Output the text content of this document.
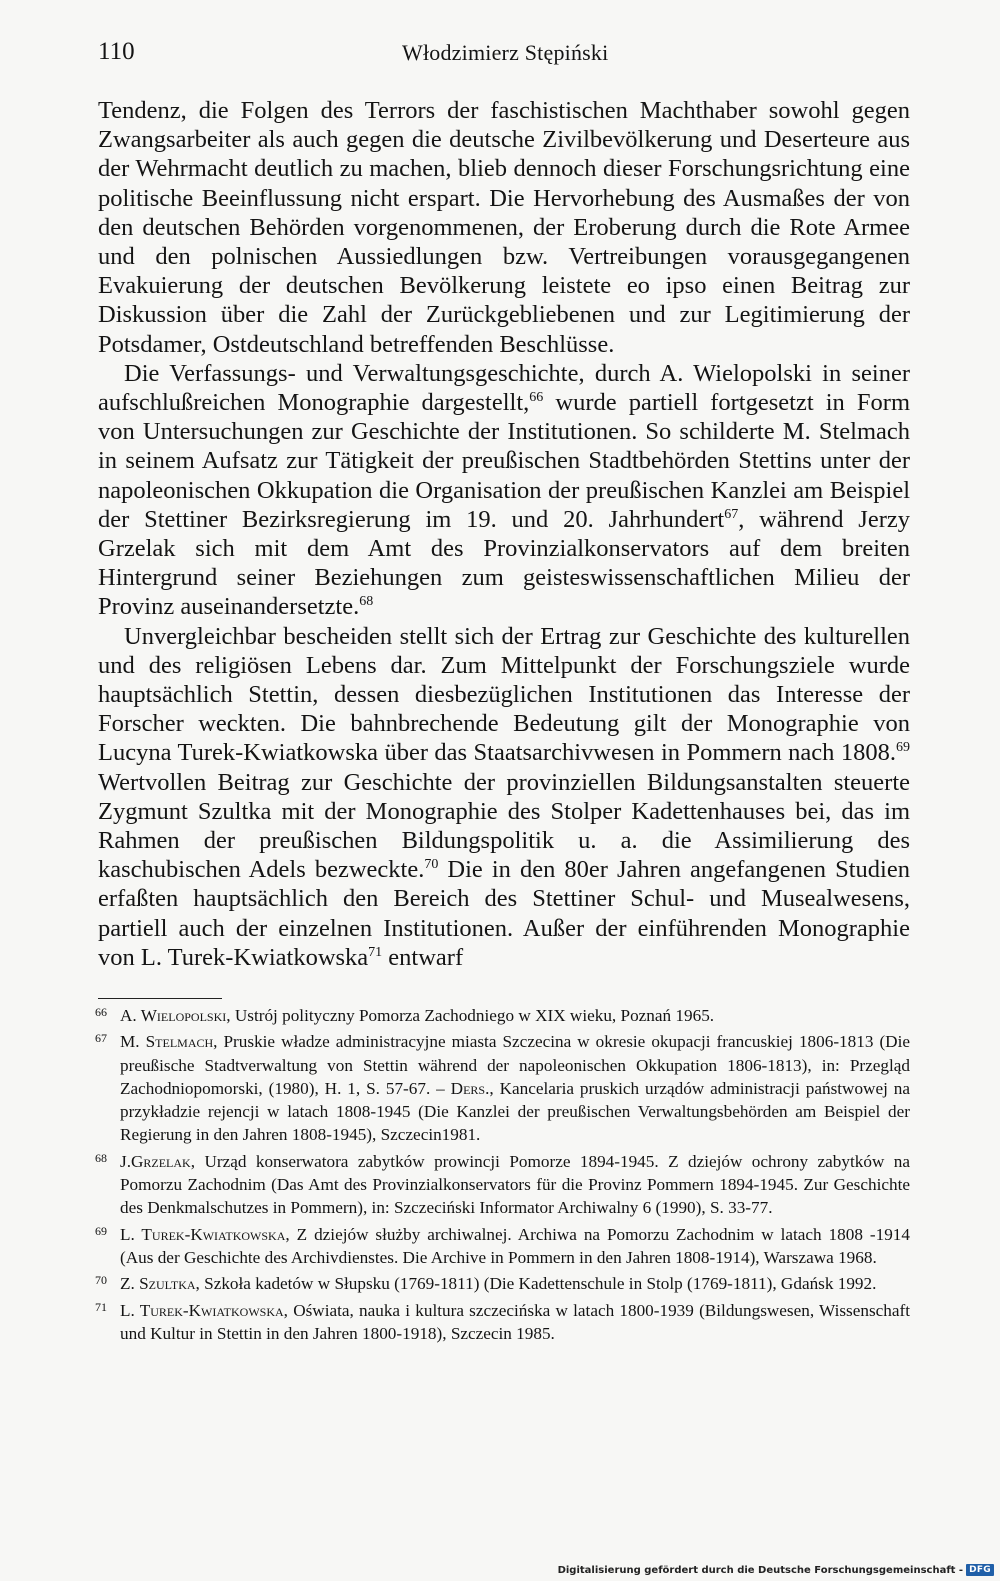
110	Włodzimierz Stępiński

Tendenz, die Folgen des Terrors der faschistischen Machthaber sowohl gegen Zwangsarbeiter als auch gegen die deutsche Zivilbevölkerung und Deserteure aus der Wehrmacht deutlich zu machen, blieb dennoch dieser Forschungsrichtung eine politische Beeinflussung nicht erspart. Die Hervorhebung des Ausmaßes der von den deutschen Behörden vorgenommenen, der Eroberung durch die Rote Armee und den polnischen Aussiedlungen bzw. Vertreibungen vorausgegangenen Evakuierung der deutschen Bevölkerung leistete eo ipso einen Beitrag zur Diskussion über die Zahl der Zurückgebliebenen und zur Legitimierung der Potsdamer, Ostdeutschland betreffenden Beschlüsse.

Die Verfassungs- und Verwaltungsgeschichte, durch A. Wielopolski in seiner aufschlußreichen Monographie dargestellt,$^{66}$ wurde partiell fortgesetzt in Form von Untersuchungen zur Geschichte der Institutionen. So schilderte M. Stelmach in seinem Aufsatz zur Tätigkeit der preußischen Stadtbehörden Stettins unter der napoleonischen Okkupation die Organisation der preußischen Kanzlei am Beispiel der Stettiner Bezirksregierung im 19. und 20. Jahrhundert$^{67}$, während Jerzy Grzelak sich mit dem Amt des Provinzialkonservators auf dem breiten Hintergrund seiner Beziehungen zum geisteswissenschaftlichen Milieu der Provinz auseinandersetzte.$^{68}$

Unvergleichbar bescheiden stellt sich der Ertrag zur Geschichte des kulturellen und des religiösen Lebens dar. Zum Mittelpunkt der Forschungsziele wurde hauptsächlich Stettin, dessen diesbezüglichen Institutionen das Interesse der Forscher weckten. Die bahnbrechende Bedeutung gilt der Monographie von Lucyna Turek-Kwiatkowska über das Staatsarchivwesen in Pommern nach 1808.69 Wertvollen Beitrag zur Geschichte der provinziellen Bildungsanstalten steuerte Zygmunt Szultka mit der Monographie des Stolper Kadettenhauses bei, das im Rahmen der preußischen Bildungspolitik u. a. die Assimilierung des kaschubischen Adels bezweckte.$^{70}$ Die in den 80er Jahren angefangenen Studien erfaßten hauptsächlich den Bereich des Stettiner Schul- und Musealwesens, partiell auch der einzelnen Institutionen. Außer der einführenden Monographie von L. Turek-Kwiatkowska$^{71}$ entwarf

66 A. Wielopolski, Ustrój polityczny Pomorza Zachodniego w XIX wieku, Poznań 1965.

67 M. Stelmach, Pruskie władze administracyjne miasta Szczecina w okresie okupacji francuskiej 1806-1813 (Die preußische Stadtverwaltung von Stettin während der napoleonischen Okkupation 1806-1813), in: Przegląd Zachodniopomorski, (1980), H. 1, S. 57-67. – Ders., Kancelaria pruskich urządów administracji państwowej na przykładzie rejencji w latach 1808-1945 (Die Kanzlei der preußischen Verwaltungsbehörden am Beispiel der Regierung in den Jahren 1808-1945), Szczecin1981.

68 J.Grzelak, Urząd konserwatora zabytków prowincji Pomorze 1894-1945. Z dziejów ochrony zabytków na Pomorzu Zachodnim (Das Amt des Provinzialkonservators für die Provinz Pommern 1894-1945. Zur Geschichte des Denkmalschutzes in Pommern), in: Szczeciński Informator Archiwalny 6 (1990), S. 33-77.

69 L. Turek-Kwiatkowska, Z dziejów służby archiwalnej. Archiwa na Pomorzu Zachodnim w latach 1808 -1914 (Aus der Geschichte des Archivdienstes. Die Archive in Pommern in den Jahren 1808-1914), Warszawa 1968.

70 Z. Szultka, Szkoła kadetów w Słupsku (1769-1811) (Die Kadettenschule in Stolp (1769-1811), Gdańsk 1992.

71 L. Turek-Kwiatkowska, Oświata, nauka i kultura szczecińska w latach 1800-1939 (Bildungswesen, Wissenschaft und Kultur in Stettin in den Jahren 1800-1918), Szczecin 1985.

Digitalisierung gefördert durch die Deutsche Forschungsgemeinschaft - DFG
